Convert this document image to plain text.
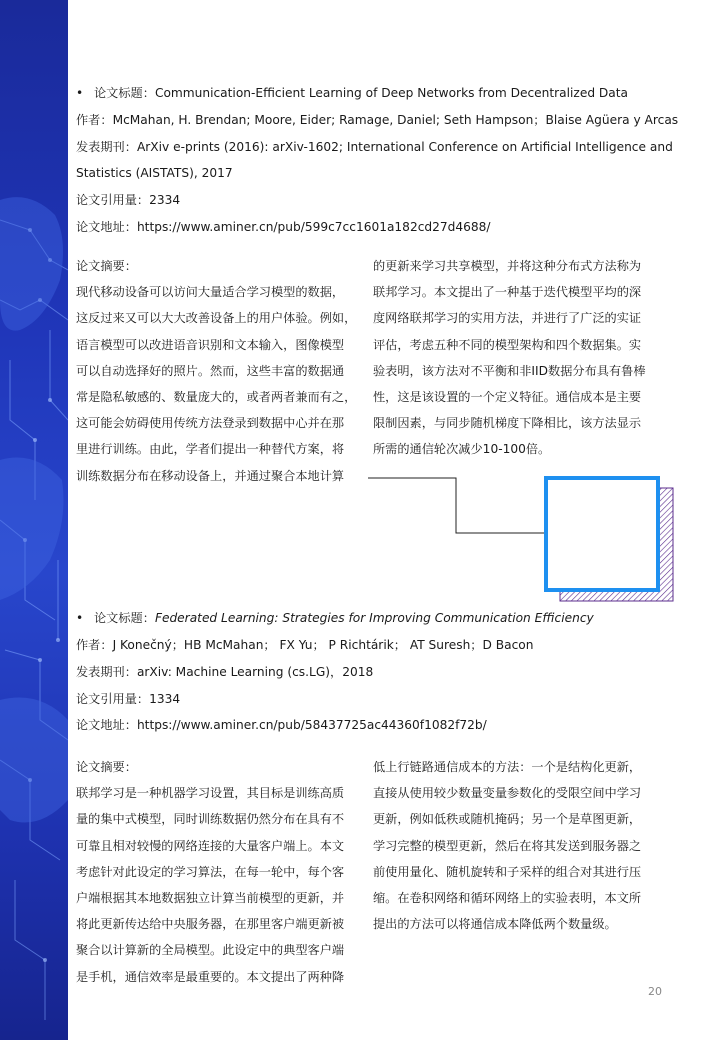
• 论文标题：Communication-Efficient Learning of Deep Networks from Decentralized Data
作者：McMahan, H. Brendan; Moore, Eider; Ramage, Daniel; Seth Hampson；Blaise Agüera y Arcas
发表期刊：ArXiv e-prints (2016): arXiv-1602; International Conference on Artificial Intelligence and
Statistics (AISTATS), 2017
论文引用量：2334
论文地址：https://www.aminer.cn/pub/599c7cc1601a182cd27d4688/

论文摘要：

现代移动设备可以访问大量适合学习模型的数据，

这反过来又可以大大改善设备上的用户体验。例如，

语言模型可以改进语音识别和文本输入，图像模型

可以自动选择好的照片。然而，这些丰富的数据通

常是隐私敏感的、数量庞大的，或者两者兼而有之，

这可能会妨碍使用传统方法登录到数据中心并在那

里进行训练。由此，学者们提出一种替代方案，将

训练数据分布在移动设备上，并通过聚合本地计算

的更新来学习共享模型，并将这种分布式方法称为

联邦学习。本文提出了一种基于迭代模型平均的深

度网络联邦学习的实用方法，并进行了广泛的实证

评估，考虑五种不同的模型架构和四个数据集。实

验表明，该方法对不平衡和非IID数据分布具有鲁棒

性，这是该设置的一个定义特征。通信成本是主要

限制因素，与同步随机梯度下降相比，该方法显示

所需的通信轮次减少10-100倍。

• 论文标题：Federated Learning: Strategies for Improving Communication Efficiency
作者：J Konečný；HB McMahan； FX Yu； P Richtárik； AT Suresh；D Bacon
发表期刊：arXiv: Machine Learning (cs.LG)，2018
论文引用量：1334
论文地址：https://www.aminer.cn/pub/58437725ac44360f1082f72b/

论文摘要：

联邦学习是一种机器学习设置，其目标是训练高质

量的集中式模型，同时训练数据仍然分布在具有不

可靠且相对较慢的网络连接的大量客户端上。本文

考虑针对此设定的学习算法，在每一轮中，每个客

户端根据其本地数据独立计算当前模型的更新，并

将此更新传达给中央服务器，在那里客户端更新被

聚合以计算新的全局模型。此设定中的典型客户端

是手机，通信效率是最重要的。本文提出了两种降

低上行链路通信成本的方法：一个是结构化更新，

直接从使用较少数量变量参数化的受限空间中学习

更新，例如低秩或随机掩码；另一个是草图更新，

学习完整的模型更新，然后在将其发送到服务器之

前使用量化、随机旋转和子采样的组合对其进行压

缩。在卷积网络和循环网络上的实验表明，本文所

提出的方法可以将通信成本降低两个数量级。

20
